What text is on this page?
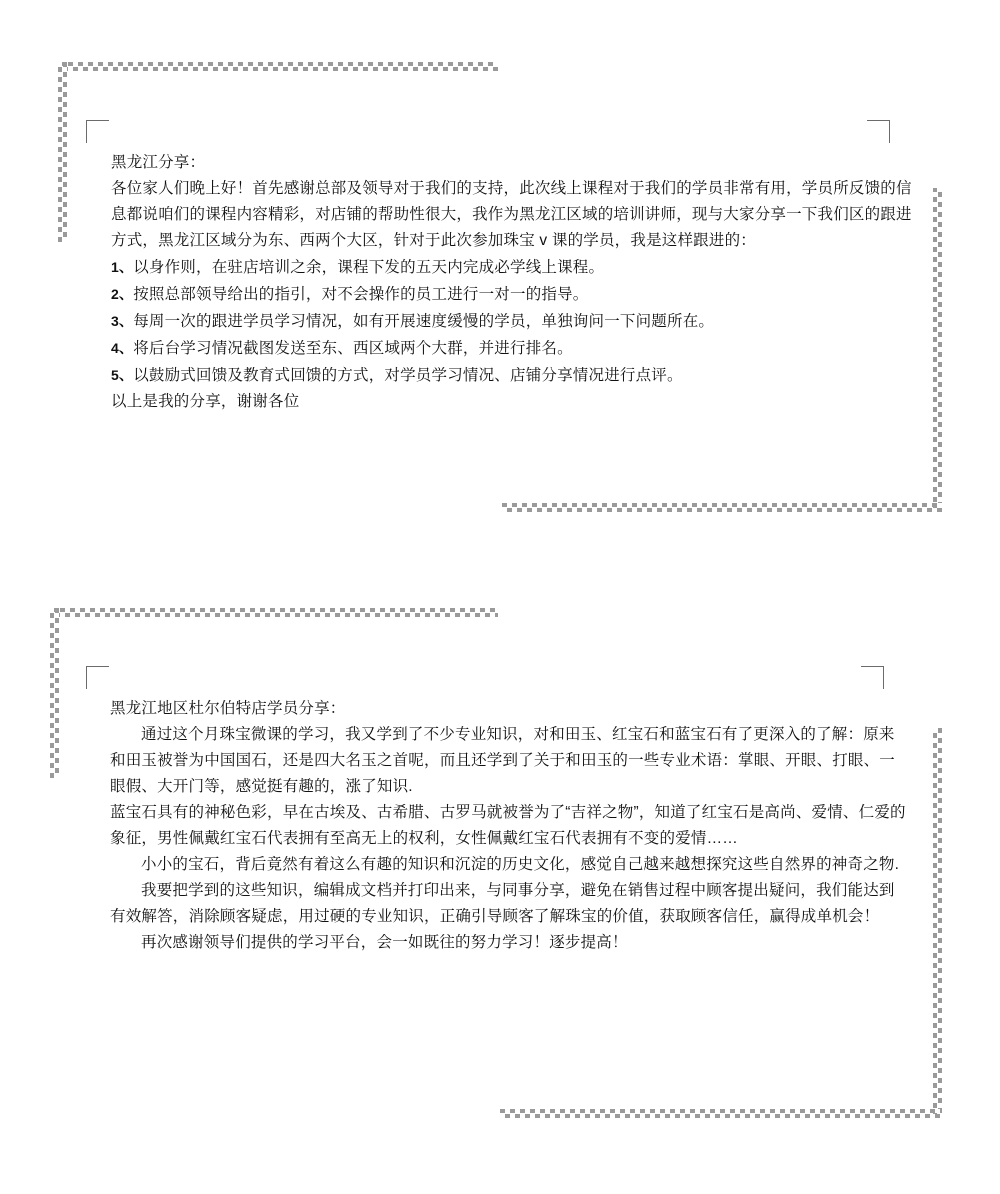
黑龙江分享：

各位家人们晚上好！首先感谢总部及领导对于我们的支持，此次线上课程对于我们的学员非常有用，学员所反馈的信息都说咱们的课程内容精彩，对店铺的帮助性很大，我作为黑龙江区域的培训讲师，现与大家分享一下我们区的跟进方式，黑龙江区域分为东、西两个大区，针对于此次参加珠宝 v 课的学员，我是这样跟进的：

1、以身作则，在驻店培训之余，课程下发的五天内完成必学线上课程。

2、按照总部领导给出的指引，对不会操作的员工进行一对一的指导。

3、每周一次的跟进学员学习情况，如有开展速度缓慢的学员，单独询问一下问题所在。

4、将后台学习情况截图发送至东、西区域两个大群，并进行排名。

5、以鼓励式回馈及教育式回馈的方式，对学员学习情况、店铺分享情况进行点评。

以上是我的分享，谢谢各位

黑龙江地区杜尔伯特店学员分享：

通过这个月珠宝微课的学习，我又学到了不少专业知识，对和田玉、红宝石和蓝宝石有了更深入的了解：原来和田玉被誉为中国国石，还是四大名玉之首呢，而且还学到了关于和田玉的一些专业术语：掌眼、开眼、打眼、一眼假、大开门等，感觉挺有趣的，涨了知识.

蓝宝石具有的神秘色彩，早在古埃及、古希腊、古罗马就被誉为了“吉祥之物”，知道了红宝石是高尚、爱情、仁爱的象征，男性佩戴红宝石代表拥有至高无上的权利，女性佩戴红宝石代表拥有不变的爱情……

小小的宝石，背后竟然有着这么有趣的知识和沉淀的历史文化，感觉自己越来越想探究这些自然界的神奇之物.

我要把学到的这些知识，编辑成文档并打印出来，与同事分享，避免在销售过程中顾客提出疑问，我们能达到有效解答，消除顾客疑虑，用过硬的专业知识，正确引导顾客了解珠宝的价值，获取顾客信任，赢得成单机会！

再次感谢领导们提供的学习平台，会一如既往的努力学习！逐步提高！
